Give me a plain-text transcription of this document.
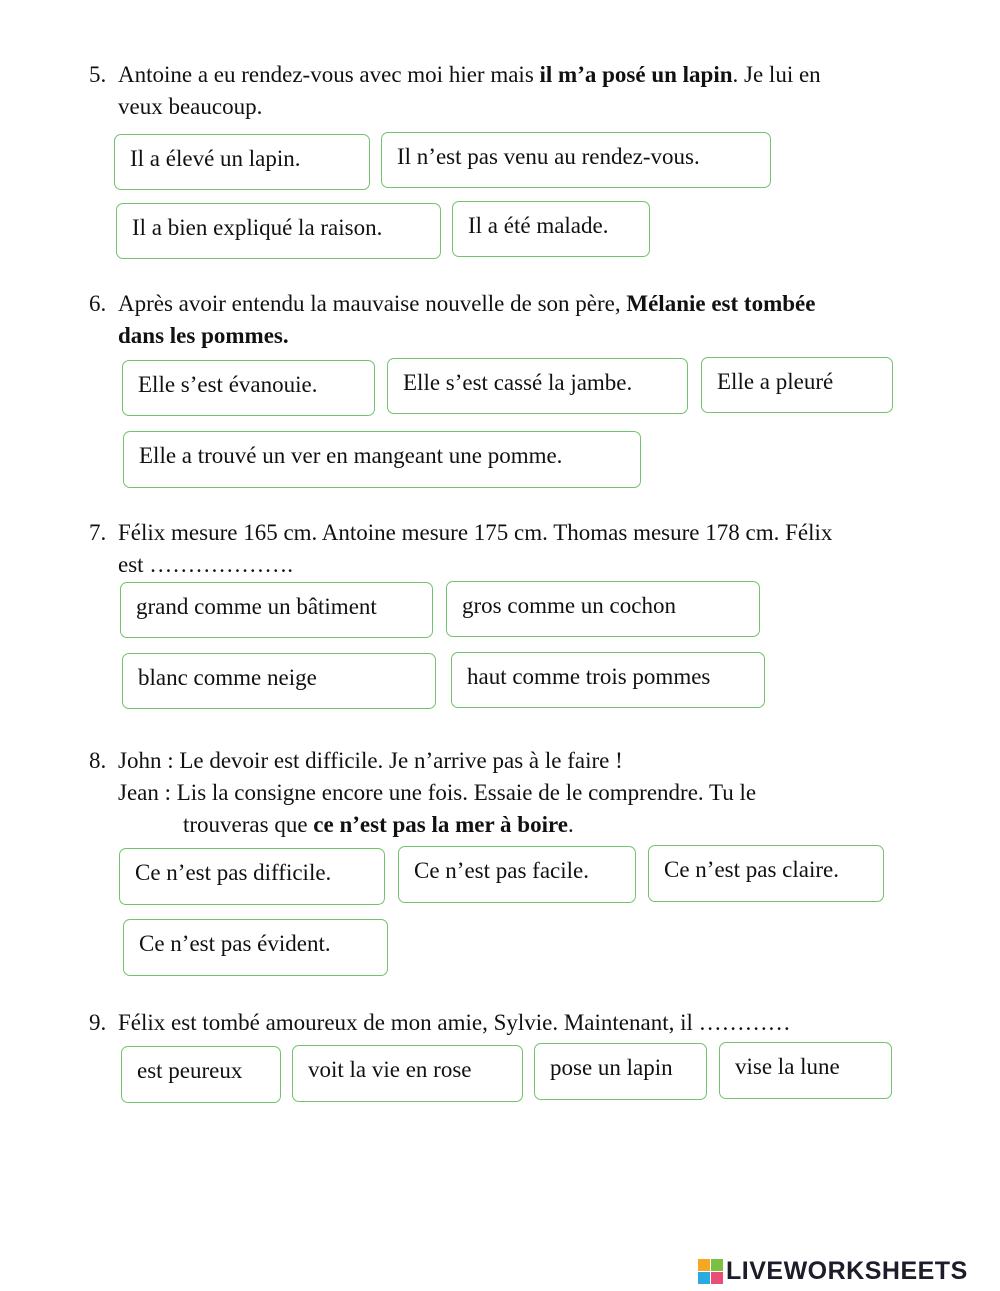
5. Antoine a eu rendez-vous avec moi hier mais il m’a posé un lapin. Je lui en
veux beaucoup.
Il a élevé un lapin.	Il n’est pas venu au rendez-vous.
Il a bien expliqué la raison.	Il a été malade.
6. Après avoir entendu la mauvaise nouvelle de son père, Mélanie est tombée
dans les pommes.
Elle s’est évanouie.	Elle s’est cassé la jambe.	Elle a pleuré
Elle a trouvé un ver en mangeant une pomme.
7. Félix mesure 165 cm. Antoine mesure 175 cm. Thomas mesure 178 cm. Félix
est ……………….
grand comme un bâtiment	gros comme un cochon
blanc comme neige	haut comme trois pommes
8. John : Le devoir est difficile. Je n’arrive pas à le faire !
Jean : Lis la consigne encore une fois. Essaie de le comprendre. Tu le
trouveras que ce n’est pas la mer à boire.
Ce n’est pas difficile.	Ce n’est pas facile.	Ce n’est pas claire.
Ce n’est pas évident.
9. Félix est tombé amoureux de mon amie, Sylvie. Maintenant, il …………
est peureux	voit la vie en rose	pose un lapin	vise la lune
LIVEWORKSHEETS
